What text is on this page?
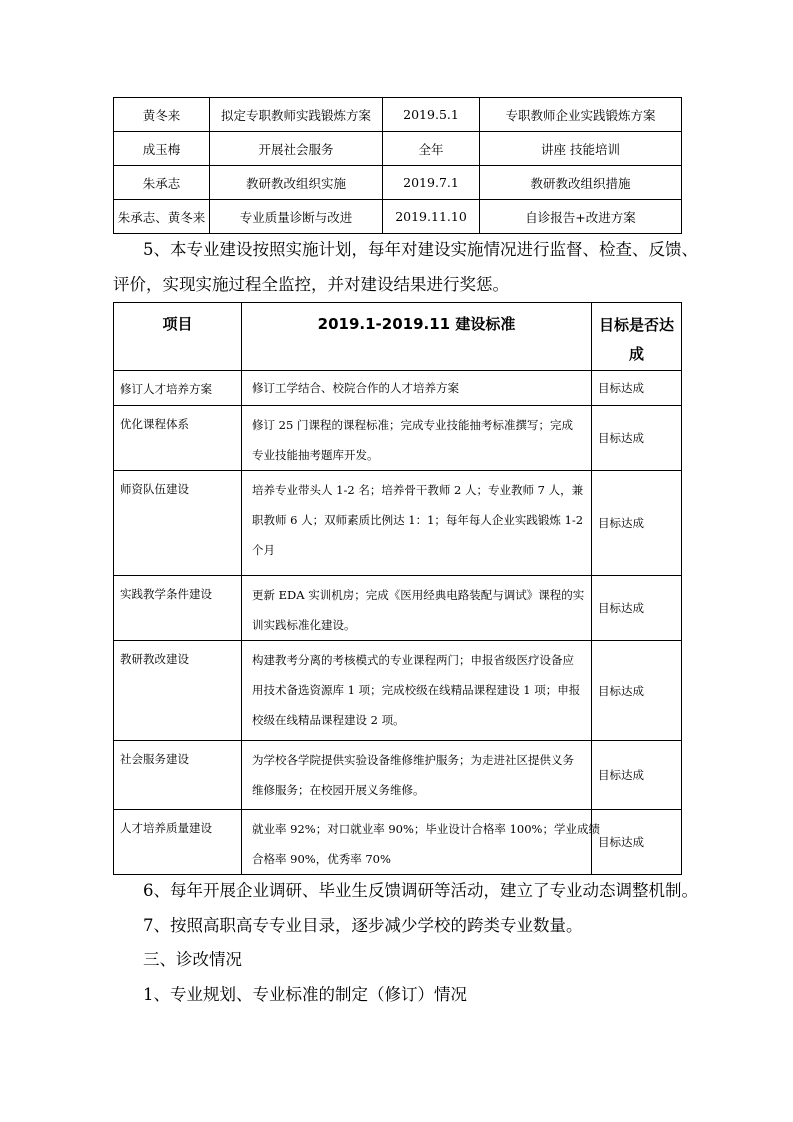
黄冬来	拟定专职教师实践锻炼方案	2019.5.1	专职教师企业实践锻炼方案
成玉梅	开展社会服务	全年	讲座 技能培训
朱承志	教研教改组织实施	2019.7.1	教研教改组织措施
朱承志、黄冬来	专业质量诊断与改进	2019.11.10	自诊报告+改进方案
5、本专业建设按照实施计划，每年对建设实施情况进行监督、检查、反馈、
评价，实现实施过程全监控，并对建设结果进行奖惩。
项目	2019.1-2019.11 建设标准	目标是否达成
修订人才培养方案	修订工学结合、校院合作的人才培养方案	目标达成
优化课程体系	修订 25 门课程的课程标准；完成专业技能抽考标准撰写；完成
专业技能抽考题库开发。	目标达成
师资队伍建设	培养专业带头人 1-2 名；培养骨干教师 2 人；专业教师 7 人，兼
职教师 6 人；双师素质比例达 1：1；每年每人企业实践锻炼 1-2
个月	目标达成
实践教学条件建设	更新 EDA 实训机房；完成《医用经典电路装配与调试》课程的实
训实践标准化建设。	目标达成
教研教改建设	构建教考分离的考核模式的专业课程两门；申报省级医疗设备应
用技术备选资源库 1 项；完成校级在线精品课程建设 1 项；申报
校级在线精品课程建设 2 项。	目标达成
社会服务建设	为学校各学院提供实验设备维修维护服务；为走进社区提供义务
维修服务；在校园开展义务维修。	目标达成
人才培养质量建设	就业率 92%；对口就业率 90%；毕业设计合格率 100%；学业成绩
合格率 90%，优秀率 70%	目标达成
6、每年开展企业调研、毕业生反馈调研等活动，建立了专业动态调整机制。
7、按照高职高专专业目录，逐步减少学校的跨类专业数量。
三、诊改情况
1、专业规划、专业标准的制定（修订）情况
